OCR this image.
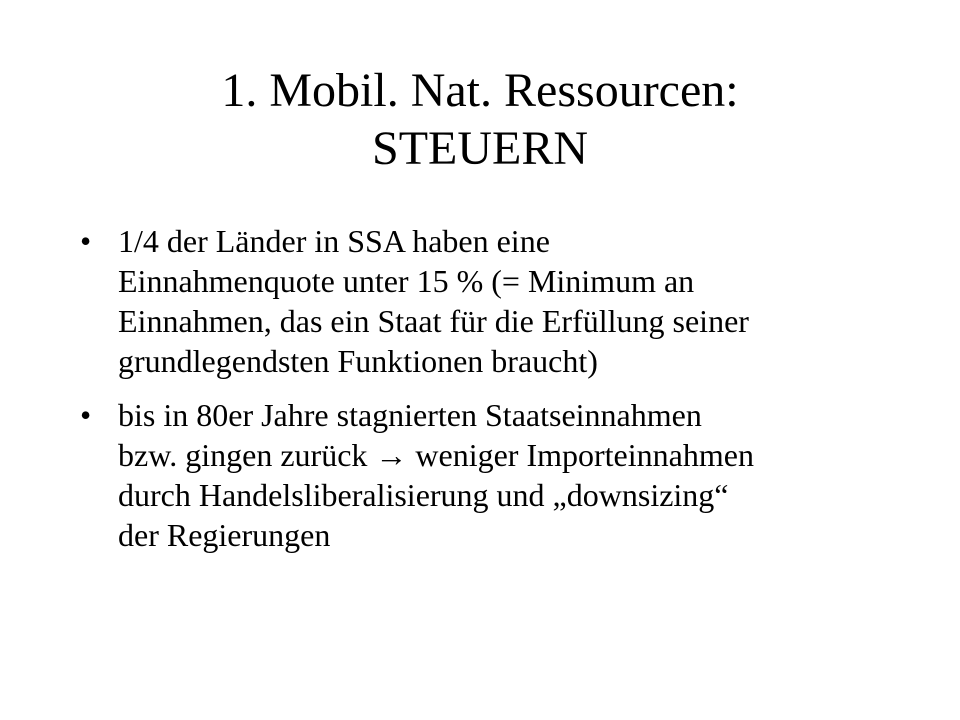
1. Mobil. Nat. Ressourcen:
STEUERN
• 1/4 der Länder in SSA haben eine
Einnahmenquote unter 15 % (= Minimum an
Einnahmen, das ein Staat für die Erfüllung seiner
grundlegendsten Funktionen braucht)
• bis in 80er Jahre stagnierten Staatseinnahmen
bzw. gingen zurück → weniger Importeinnahmen
durch Handelsliberalisierung und „downsizing“
der Regierungen
